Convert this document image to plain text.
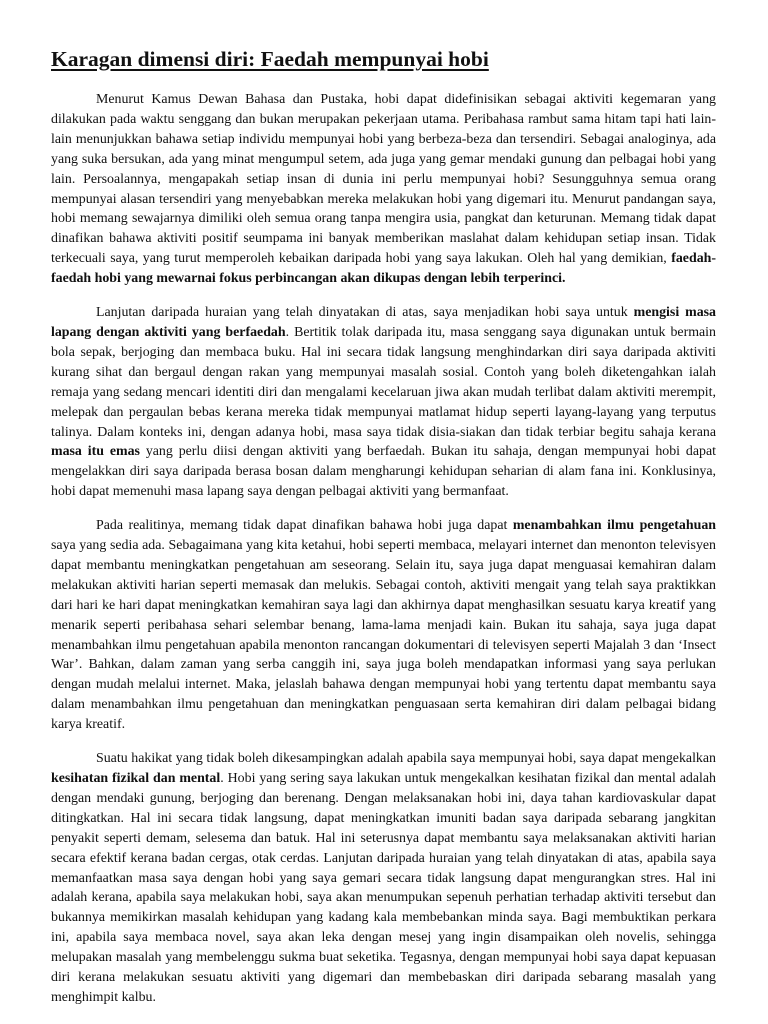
Karagan dimensi diri: Faedah mempunyai hobi

Menurut Kamus Dewan Bahasa dan Pustaka, hobi dapat didefinisikan sebagai aktiviti kegemaran yang dilakukan pada waktu senggang dan bukan merupakan pekerjaan utama. Peribahasa rambut sama hitam tapi hati lain-lain menunjukkan bahawa setiap individu mempunyai hobi yang berbeza-beza dan tersendiri. Sebagai analoginya, ada yang suka bersukan, ada yang minat mengumpul setem, ada juga yang gemar mendaki gunung dan pelbagai hobi yang lain. Persoalannya, mengapakah setiap insan di dunia ini perlu mempunyai hobi? Sesungguhnya semua orang mempunyai alasan tersendiri yang menyebabkan mereka melakukan hobi yang digemari itu. Menurut pandangan saya, hobi memang sewajarnya dimiliki oleh semua orang tanpa mengira usia, pangkat dan keturunan. Memang tidak dapat dinafikan bahawa aktiviti positif seumpama ini banyak memberikan maslahat dalam kehidupan setiap insan. Tidak terkecuali saya, yang turut memperoleh kebaikan daripada hobi yang saya lakukan. Oleh hal yang demikian, faedah-faedah hobi yang mewarnai fokus perbincangan akan dikupas dengan lebih terperinci.

Lanjutan daripada huraian yang telah dinyatakan di atas, saya menjadikan hobi saya untuk mengisi masa lapang dengan aktiviti yang berfaedah. Bertitik tolak daripada itu, masa senggang saya digunakan untuk bermain bola sepak, berjoging dan membaca buku. Hal ini secara tidak langsung menghindarkan diri saya daripada aktiviti kurang sihat dan bergaul dengan rakan yang mempunyai masalah sosial. Contoh yang boleh diketengahkan ialah remaja yang sedang mencari identiti diri dan mengalami kecelaruan jiwa akan mudah terlibat dalam aktiviti merempit, melepak dan pergaulan bebas kerana mereka tidak mempunyai matlamat hidup seperti layang-layang yang terputus talinya. Dalam konteks ini, dengan adanya hobi, masa saya tidak disia-siakan dan tidak terbiar begitu sahaja kerana masa itu emas yang perlu diisi dengan aktiviti yang berfaedah. Bukan itu sahaja, dengan mempunyai hobi dapat mengelakkan diri saya daripada berasa bosan dalam mengharungi kehidupan seharian di alam fana ini. Konklusinya, hobi dapat memenuhi masa lapang saya dengan pelbagai aktiviti yang bermanfaat.

Pada realitinya, memang tidak dapat dinafikan bahawa hobi juga dapat menambahkan ilmu pengetahuan saya yang sedia ada. Sebagaimana yang kita ketahui, hobi seperti membaca, melayari internet dan menonton televisyen dapat membantu meningkatkan pengetahuan am seseorang. Selain itu, saya juga dapat menguasai kemahiran dalam melakukan aktiviti harian seperti memasak dan melukis. Sebagai contoh, aktiviti mengait yang telah saya praktikkan dari hari ke hari dapat meningkatkan kemahiran saya lagi dan akhirnya dapat menghasilkan sesuatu karya kreatif yang menarik seperti peribahasa sehari selembar benang, lama-lama menjadi kain. Bukan itu sahaja, saya juga dapat menambahkan ilmu pengetahuan apabila menonton rancangan dokumentari di televisyen seperti Majalah 3 dan ‘Insect War’. Bahkan, dalam zaman yang serba canggih ini, saya juga boleh mendapatkan informasi yang saya perlukan dengan mudah melalui internet. Maka, jelaslah bahawa dengan mempunyai hobi yang tertentu dapat membantu saya dalam menambahkan ilmu pengetahuan dan meningkatkan penguasaan serta kemahiran diri dalam pelbagai bidang karya kreatif.

Suatu hakikat yang tidak boleh dikesampingkan adalah apabila saya mempunyai hobi, saya dapat mengekalkan kesihatan fizikal dan mental. Hobi yang sering saya lakukan untuk mengekalkan kesihatan fizikal dan mental adalah dengan mendaki gunung, berjoging dan berenang. Dengan melaksanakan hobi ini, daya tahan kardiovaskular dapat ditingkatkan. Hal ini secara tidak langsung, dapat meningkatkan imuniti badan saya daripada sebarang jangkitan penyakit seperti demam, selesema dan batuk. Hal ini seterusnya dapat membantu saya melaksanakan aktiviti harian secara efektif kerana badan cergas, otak cerdas. Lanjutan daripada huraian yang telah dinyatakan di atas, apabila saya memanfaatkan masa saya dengan hobi yang saya gemari secara tidak langsung dapat mengurangkan stres. Hal ini adalah kerana, apabila saya melakukan hobi, saya akan menumpukan sepenuh perhatian terhadap aktiviti tersebut dan bukannya memikirkan masalah kehidupan yang kadang kala membebankan minda saya. Bagi membuktikan perkara ini, apabila saya membaca novel, saya akan leka dengan mesej yang ingin disampaikan oleh novelis, sehingga melupakan masalah yang membelenggu sukma buat seketika. Tegasnya, dengan mempunyai hobi saya dapat kepuasan diri kerana melakukan sesuatu aktiviti yang digemari dan membebaskan diri daripada sebarang masalah yang menghimpit kalbu.
